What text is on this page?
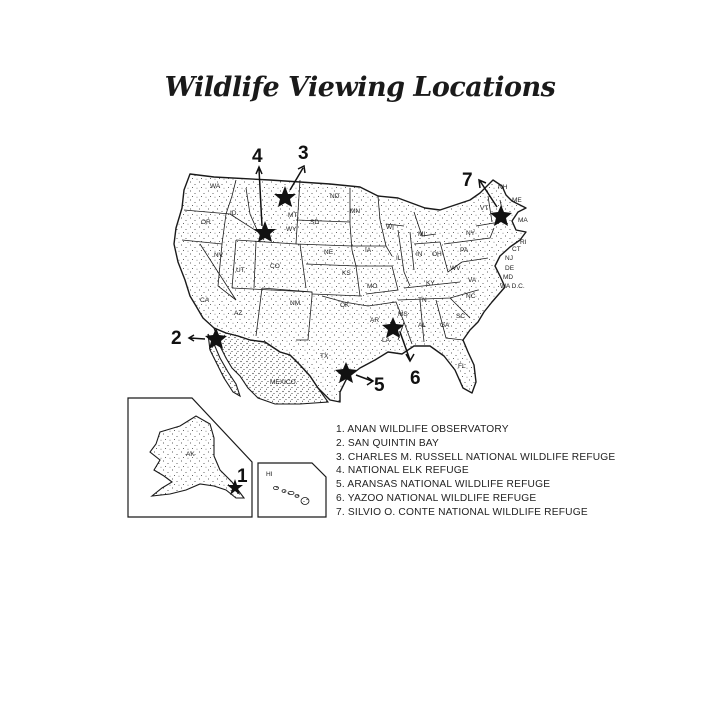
Wildlife Viewing Locations
WA
OR
CA
ID
NV
UT
AZ
MT
WY
CO
NM
ND
SD
NE
KS
OK
TX
MN
IA
MO
AR
LA
WI
IL
MI
IN OH
KY
TN
MS
AL GA
FL
SC
NC
VA
WV
PA
NY
VT
NH
ME
MA
RI
CT
NJ
DE
MD
WA D.C.
MEXICO
AK
HI
1
2
3
4
5 6
7
1. ANAN WILDLIFE OBSERVATORY
2. SAN QUINTIN BAY
3. CHARLES M. RUSSELL NATIONAL WILDLIFE REFUGE
4. NATIONAL ELK REFUGE
5. ARANSAS NATIONAL WILDLIFE REFUGE
6. YAZOO NATIONAL WILDLIFE REFUGE
7. SILVIO O. CONTE NATIONAL WILDLIFE REFUGE
